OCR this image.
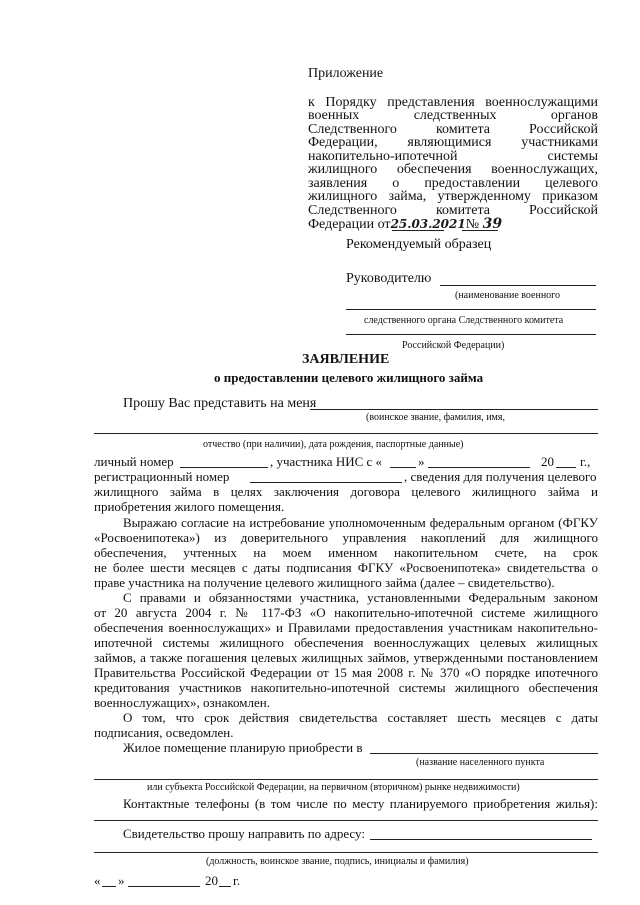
Приложение
к Порядку представления военнослужащими
военных следственных органов
Следственного комитета Российской
Федерации, являющимися участниками
накопительно-ипотечной системы
жилищного обеспечения военнослужащих,
заявления о предоставлении целевого
жилищного займа, утвержденному приказом
Следственного комитета Российской
Федерации от25.03.2021№ 39
Рекомендуемый образец
Руководителю
(наименование военного
следственного органа Следственного комитета
Российской Федерации)
ЗАЯВЛЕНИЕ
о предоставлении целевого жилищного займа
Прошу Вас представить на меня
(воинское звание, фамилия, имя,
отчество (при наличии), дата рождения, паспортные данные)
личный номер	, участника НИС с «	»	20 г.,
регистрационный номер	, сведения для получения целевого
жилищного займа в целях заключения договора целевого жилищного займа и
приобретения жилого помещения.
Выражаю согласие на истребование уполномоченным федеральным органом (ФГКУ
«Росвоенипотека») из доверительного управления накоплений для жилищного
обеспечения, учтенных на моем именном накопительном счете, на срок
не более шести месяцев с даты подписания ФГКУ «Росвоенипотека» свидетельства о
праве участника на получение целевого жилищного займа (далее – свидетельство).
С правами и обязанностями участника, установленными Федеральным законом
от 20 августа 2004 г. № 117-ФЗ «О накопительно-ипотечной системе жилищного
обеспечения военнослужащих» и Правилами предоставления участникам накопительно-
ипотечной системы жилищного обеспечения военнослужащих целевых жилищных
займов, а также погашения целевых жилищных займов, утвержденными постановлением
Правительства Российской Федерации от 15 мая 2008 г. № 370 «О порядке ипотечного
кредитования участников накопительно-ипотечной системы жилищного обеспечения
военнослужащих», ознакомлен.
О том, что срок действия свидетельства составляет шесть месяцев с даты
подписания, осведомлен.
Жилое помещение планирую приобрести в
(название населенного пункта
или субъекта Российской Федерации, на первичном (вторичном) рынке недвижимости)
Контактные телефоны (в том числе по месту планируемого приобретения жилья):
Свидетельство прошу направить по адресу:
(должность, воинское звание, подпись, инициалы и фамилия)
« »	20 г.
